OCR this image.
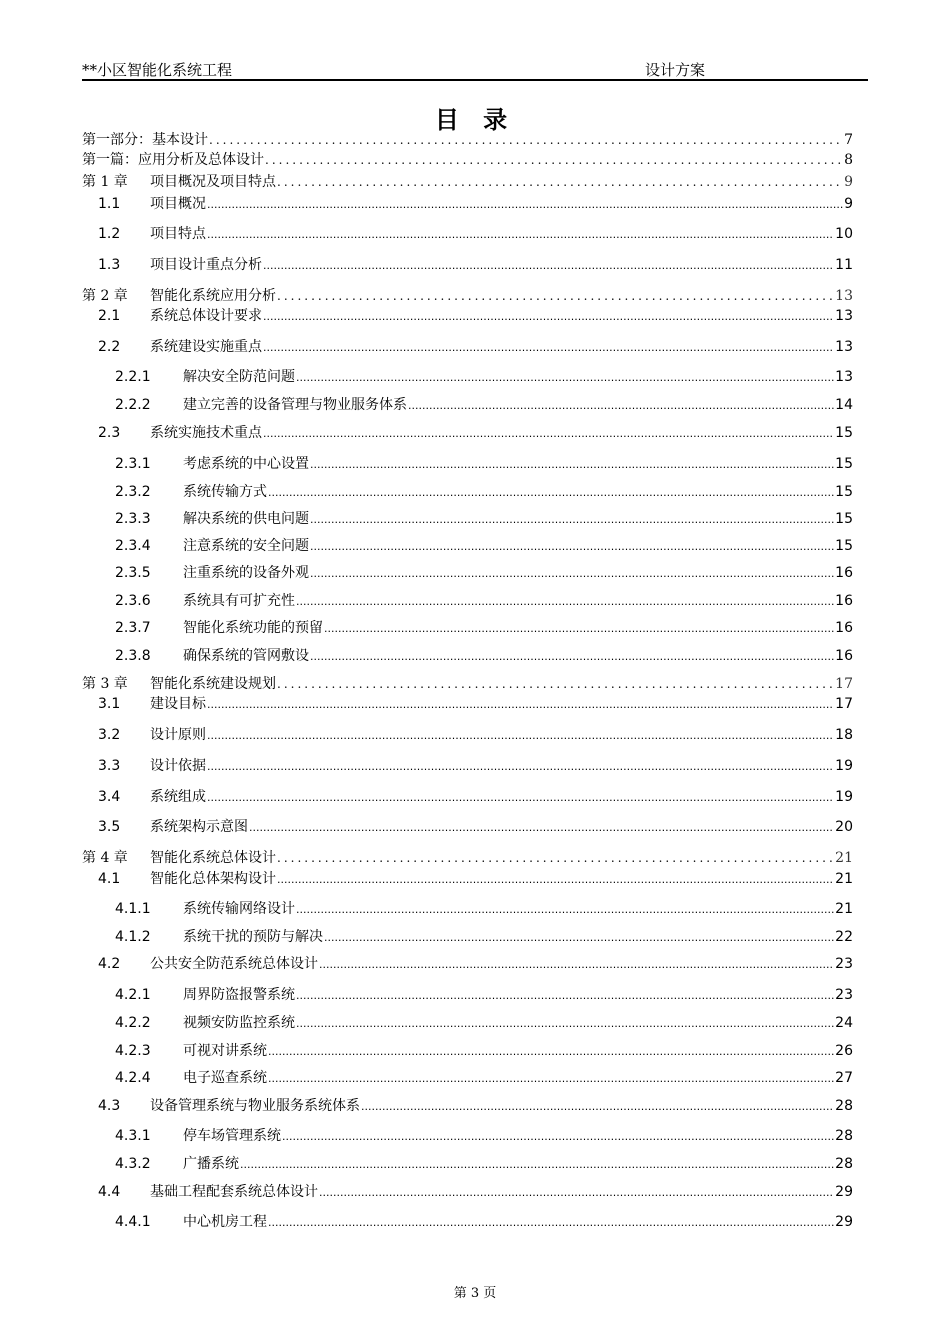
**小区智能化系统工程	设计方案
目 录
第一部分：基本设计 .....	7
第一篇：应用分析及总体设计 .....	8
第 1 章	项目概况及项目特点 .....	9
1.1	项目概况 .....	9
1.2	项目特点 .....	10
1.3	项目设计重点分析 .....	11
第 2 章	智能化系统应用分析 .....	13
2.1	系统总体设计要求 .....	13
2.2	系统建设实施重点 .....	13
2.2.1	解决安全防范问题 .....	13
2.2.2	建立完善的设备管理与物业服务体系 .....	14
2.3	系统实施技术重点 .....	15
2.3.1	考虑系统的中心设置 .....	15
2.3.2	系统传输方式 .....	15
2.3.3	解决系统的供电问题 .....	15
2.3.4	注意系统的安全问题 .....	15
2.3.5	注重系统的设备外观 .....	16
2.3.6	系统具有可扩充性 .....	16
2.3.7	智能化系统功能的预留 .....	16
2.3.8	确保系统的管网敷设 .....	16
第 3 章	智能化系统建设规划 .....	17
3.1	建设目标 .....	17
3.2	设计原则 .....	18
3.3	设计依据 .....	19
3.4	系统组成 .....	19
3.5	系统架构示意图 .....	20
第 4 章	智能化系统总体设计 .....	21
4.1	智能化总体架构设计 .....	21
4.1.1	系统传输网络设计 .....	21
4.1.2	系统干扰的预防与解决 .....	22
4.2	公共安全防范系统总体设计 .....	23
4.2.1	周界防盗报警系统 .....	23
4.2.2	视频安防监控系统 .....	24
4.2.3	可视对讲系统 .....	26
4.2.4	电子巡查系统 .....	27
4.3	设备管理系统与物业服务系统体系 .....	28
4.3.1	停车场管理系统 .....	28
4.3.2	广播系统 .....	28
4.4	基础工程配套系统总体设计 .....	29
4.4.1	中心机房工程 .....	29
第 3 页
